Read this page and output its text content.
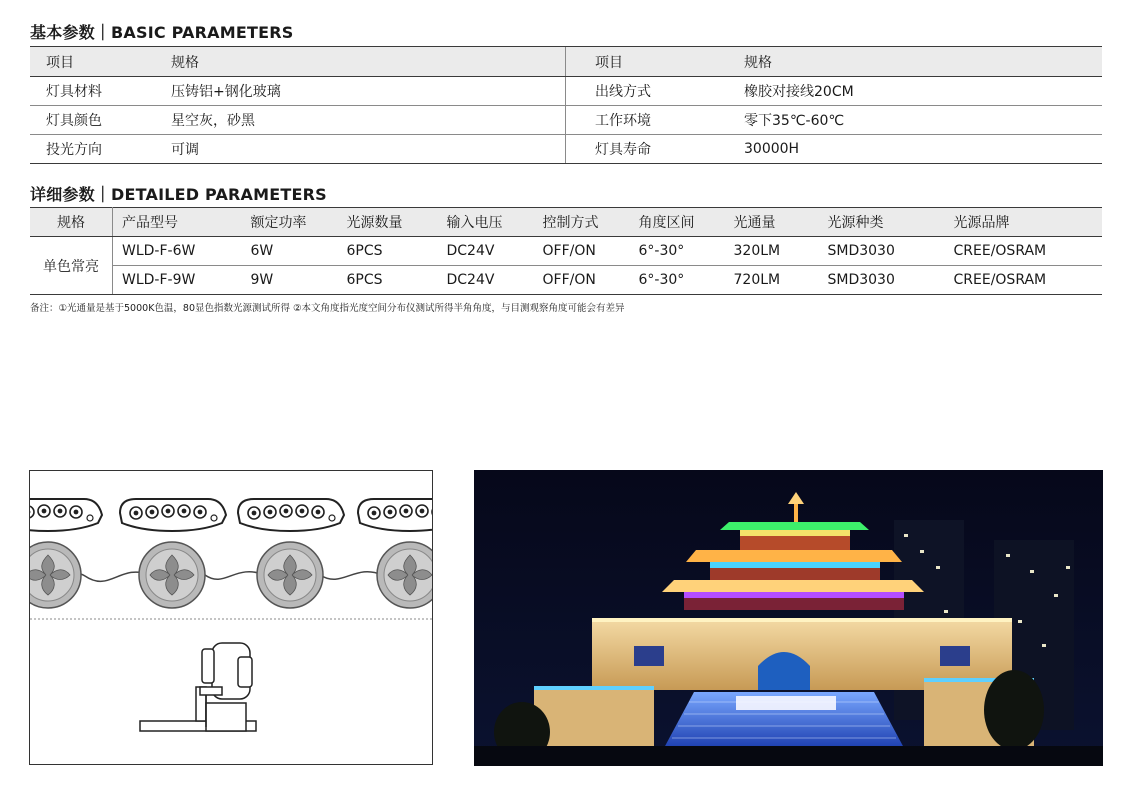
基本参数｜BASIC PARAMETERS
项目	规格	项目	规格
灯具材料	压铸铝+钢化玻璃	出线方式	橡胶对接线20CM
灯具颜色	星空灰，砂黑	工作环境	零下35℃-60℃
投光方向	可调	灯具寿命	30000H
详细参数｜DETAILED PARAMETERS
规格	产品型号	额定功率	光源数量	输入电压	控制方式	角度区间	光通量	光源种类	光源品牌
单色常亮	WLD-F-6W	6W	6PCS	DC24V	OFF/ON	6°-30°	320LM	SMD3030	CREE/OSRAM
	WLD-F-9W	9W	6PCS	DC24V	OFF/ON	6°-30°	720LM	SMD3030	CREE/OSRAM
备注：①光通量是基于5000K色温，80显色指数光源测试所得 ②本文角度指光度空间分布仪测试所得半角角度，与目测观察角度可能会有差异
